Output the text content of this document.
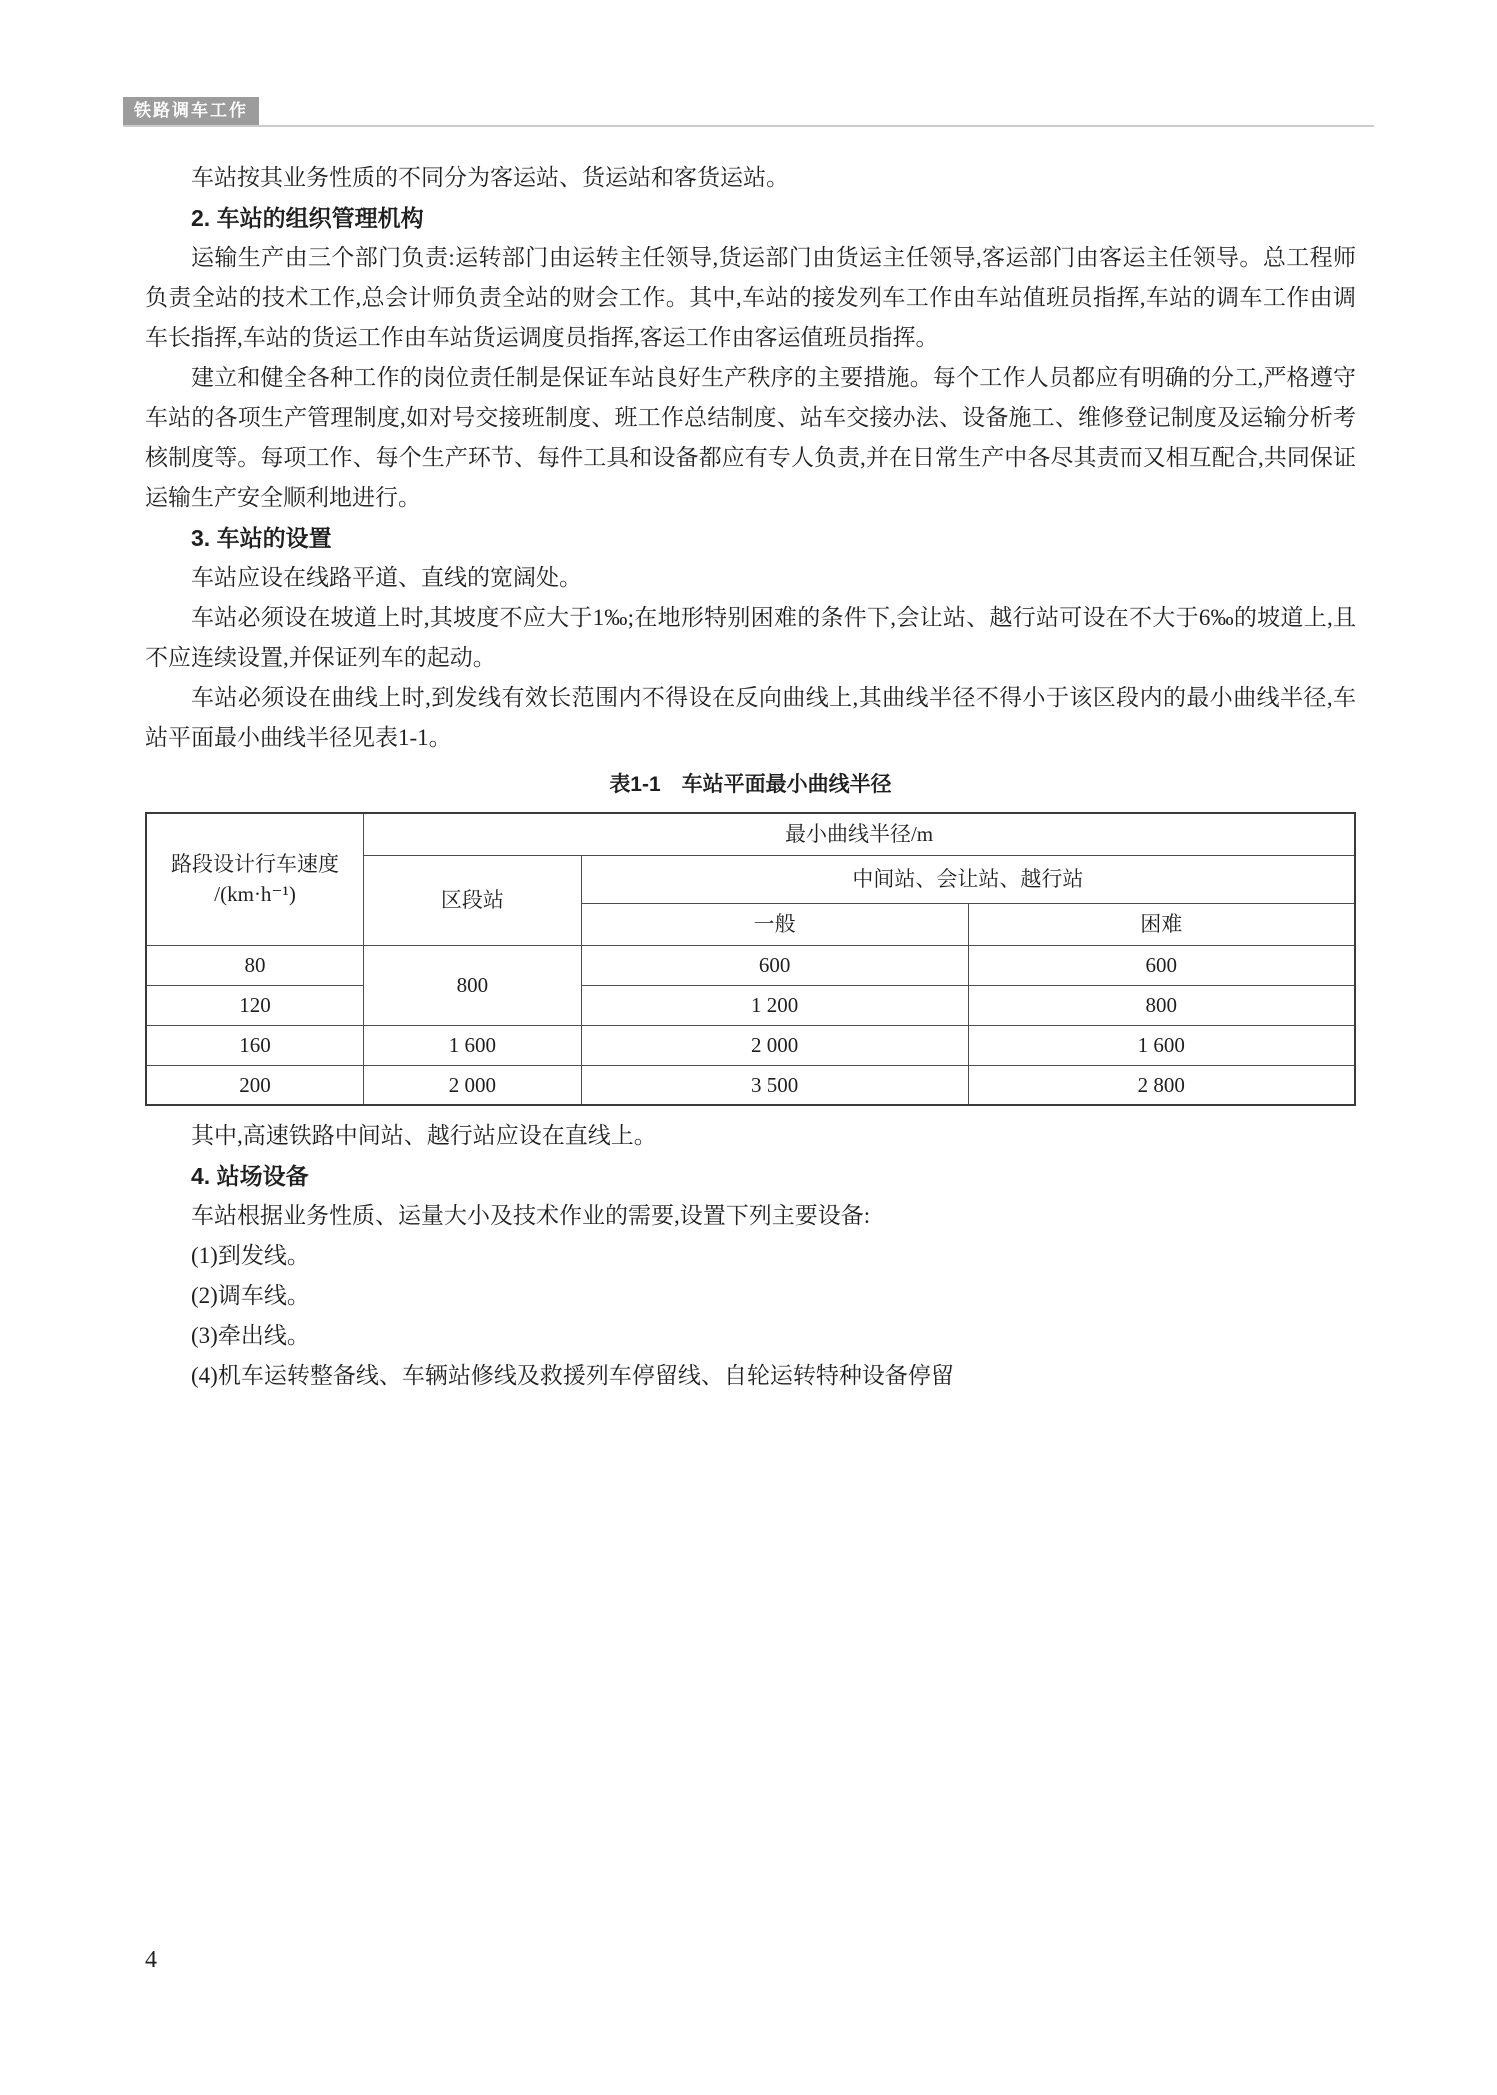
铁路调车工作

车站按其业务性质的不同分为客运站、货运站和客货运站。

2. 车站的组织管理机构

运输生产由三个部门负责:运转部门由运转主任领导,货运部门由货运主任领导,客运部门由客运主任领导。总工程师负责全站的技术工作,总会计师负责全站的财会工作。其中,车站的接发列车工作由车站值班员指挥,车站的调车工作由调车长指挥,车站的货运工作由车站货运调度员指挥,客运工作由客运值班员指挥。

建立和健全各种工作的岗位责任制是保证车站良好生产秩序的主要措施。每个工作人员都应有明确的分工,严格遵守车站的各项生产管理制度,如对号交接班制度、班工作总结制度、站车交接办法、设备施工、维修登记制度及运输分析考核制度等。每项工作、每个生产环节、每件工具和设备都应有专人负责,并在日常生产中各尽其责而又相互配合,共同保证运输生产安全顺利地进行。

3. 车站的设置

车站应设在线路平道、直线的宽阔处。

车站必须设在坡道上时,其坡度不应大于1‰;在地形特别困难的条件下,会让站、越行站可设在不大于6‰的坡道上,且不应连续设置,并保证列车的起动。

车站必须设在曲线上时,到发线有效长范围内不得设在反向曲线上,其曲线半径不得小于该区段内的最小曲线半径,车站平面最小曲线半径见表1-1。

表1-1 车站平面最小曲线半径
路段设计行车速度
/(km·h⁻¹)	最小曲线半径/m		
	区段站	中间站、会让站、越行站	
		一般	困难
80	800	600	600
120		1 200	800
160	1 600	2 000	1 600
200	2 000	3 500	2 800

其中,高速铁路中间站、越行站应设在直线上。

4. 站场设备

车站根据业务性质、运量大小及技术作业的需要,设置下列主要设备:

(1)到发线。

(2)调车线。

(3)牵出线。

(4)机车运转整备线、车辆站修线及救援列车停留线、自轮运转特种设备停留

4
